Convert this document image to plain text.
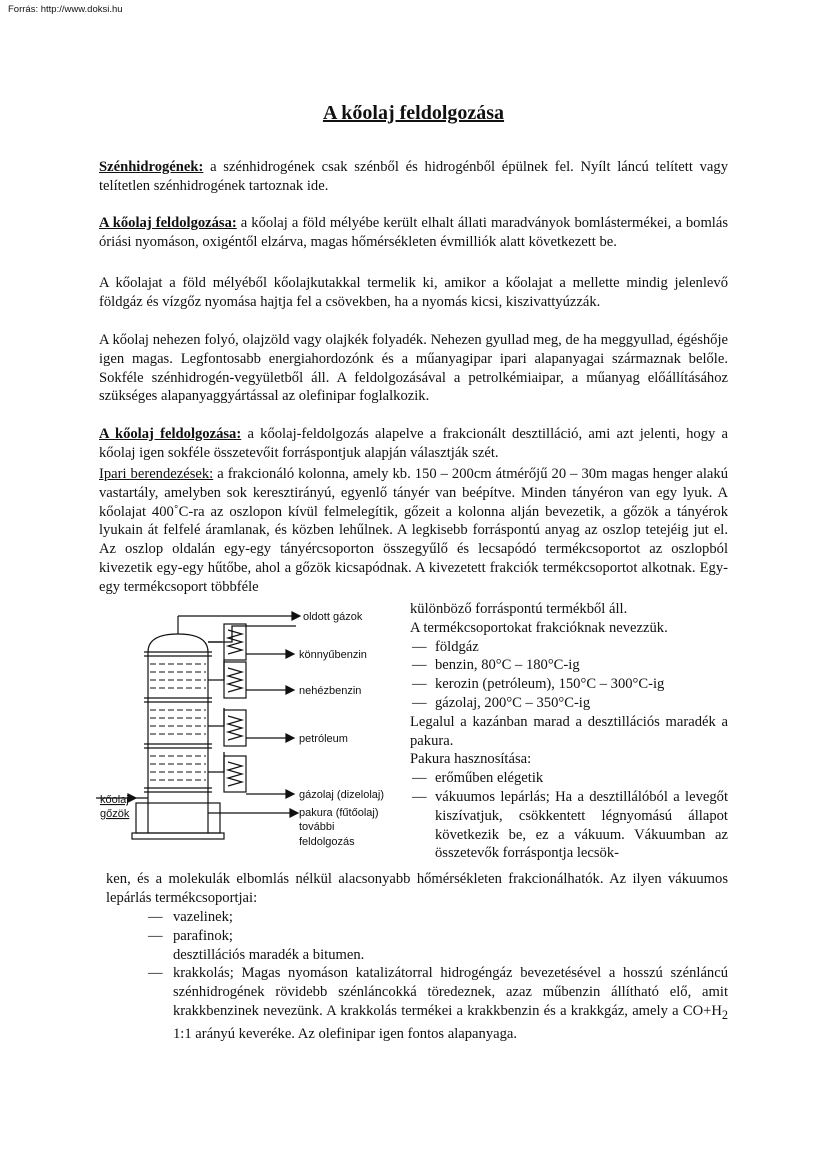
Forrás: http://www.doksi.hu
A kőolaj feldolgozása

Szénhidrogének: a szénhidrogének csak szénből és hidrogénből épülnek fel. Nyílt láncú telített vagy telítetlen szénhidrogének tartoznak ide.

A kőolaj feldolgozása: a kőolaj a föld mélyébe került elhalt állati maradványok bomlástermékei, a bomlás óriási nyomáson, oxigéntől elzárva, magas hőmérsékleten évmilliók alatt következett be.

A kőolajat a föld mélyéből kőolajkutakkal termelik ki, amikor a kőolajat a mellette mindig jelenlevő földgáz és vízgőz nyomása hajtja fel a csövekben, ha a nyomás kicsi, kiszivattyúzzák.

A kőolaj nehezen folyó, olajzöld vagy olajkék folyadék. Nehezen gyullad meg, de ha meggyullad, égéshője igen magas. Legfontosabb energiahordozónk és a műanyagipar ipari alapanyagai származnak belőle. Sokféle szénhidrogén-vegyületből áll. A feldolgozásával a petrolkémiaipar, a műanyag előállításához szükséges alapanyaggyártással az olefinipar foglalkozik.

A kőolaj feldolgozása: a kőolaj-feldolgozás alapelve a frakcionált desztilláció, ami azt jelenti, hogy a kőolaj igen sokféle összetevőit forráspontjuk alapján választják szét.

Ipari berendezések: a frakcionáló kolonna, amely kb. 150 – 200cm átmérőjű 20 – 30m magas henger alakú vastartály, amelyben sok keresztirányú, egyenlő tányér van beépítve. Minden tányéron van egy lyuk. A kőolajat 400˚C-ra az oszlopon kívül felmelegítik, gőzeit a kolonna alján bevezetik, a gőzök a tányérok lyukain át felfelé áramlanak, és közben lehűlnek. A legkisebb forráspontú anyag az oszlop tetejéig jut el. Az oszlop oldalán egy-egy tányércsoporton összegyűlő és lecsapódó termékcsoportot az oszlopból kivezetik egy-egy hűtőbe, ahol a gőzök kicsapódnak. A kivezetett frakciók termékcsoportot alkotnak. Egy-egy termékcsoport többféle

oldott gázok
könnyűbenzin
nehézbenzin
petróleum
gázolaj (dizelolaj)
pakura (fűtőolaj)
további
feldolgozás
kőolaj
gőzök
különböző forráspontú termékből áll.
A termékcsoportokat frakcióknak nevezzük.
— földgáz
— benzin, 80°C – 180°C-ig
— kerozin (petróleum), 150°C – 300°C-ig
— gázolaj, 200°C – 350°C-ig
Legalul a kazánban marad a desztillációs maradék a pakura.
Pakura hasznosítása:
— erőműben elégetik
— vákuumos lepárlás; Ha a desztillálóból a levegőt kiszívatjuk, csökkentett légnyomású állapot következik be, ez a vákuum. Vákuumban az összetevők forráspontja lecsök-
ken, és a molekulák elbomlás nélkül alacsonyabb hőmérsékleten frakcionálhatók. Az ilyen vákuumos lepárlás termékcsoportjai:
— vazelinek;
— parafinok;
desztillációs maradék a bitumen.
— krakkolás; Magas nyomáson katalizátorral hidrogéngáz bevezetésével a hosszú szénláncú szénhidrogének rövidebb szénláncokká töredeznek, azaz műbenzin állítható elő, amit krakkbenzinek nevezünk. A krakkolás termékei a krakkbenzin és a krakkgáz, amely a $CO+H_2$ 1:1 arányú keveréke. Az olefinipar igen fontos alapanyaga.
